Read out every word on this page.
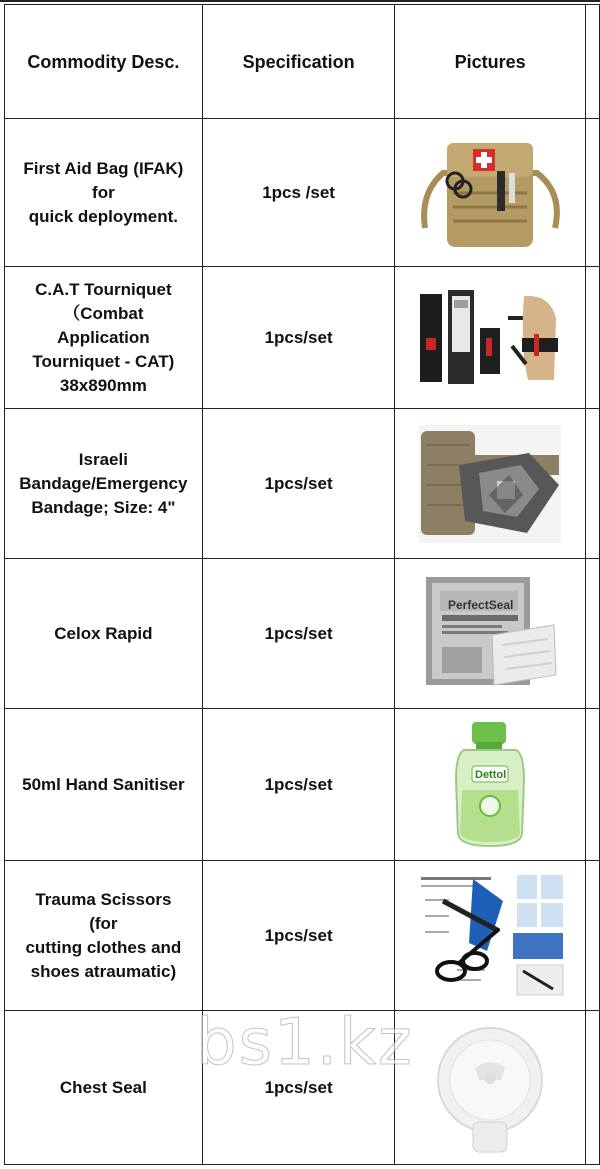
Commodity Desc.	Specification	Pictures	

First Aid Bag (IFAK)
for
quick deployment.	1pcs /set	

C.A.T Tourniquet
（Combat
Application
Tourniquet - CAT)
38x890mm	1pcs/set	

Israeli
Bandage/Emergency
Bandage; Size: 4"	1pcs/set	

Celox Rapid	1pcs/set	PerfectSeal	

50ml Hand Sanitiser	1pcs/set	Dettol	

Trauma Scissors
(for
cutting clothes and
shoes atraumatic)	1pcs/set	

Chest Seal	1pcs/set	

bs1.kz
